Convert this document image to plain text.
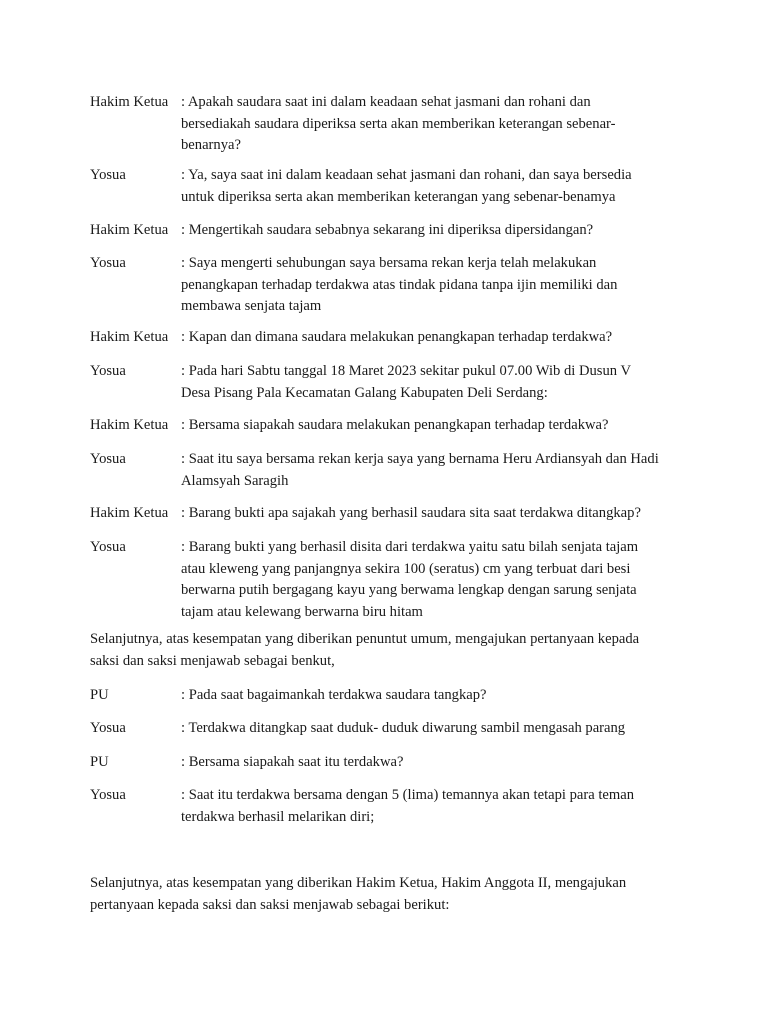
Hakim Ketua : Apakah saudara saat ini dalam keadaan sehat jasmani dan rohani dan
bersediakah saudara diperiksa serta akan memberikan keterangan sebenar-
benarnya?
Yosua	: Ya, saya saat ini dalam keadaan sehat jasmani dan rohani, dan saya bersedia
untuk diperiksa serta akan memberikan keterangan yang sebenar-benamya
Hakim Ketua : Mengertikah saudara sebabnya sekarang ini diperiksa dipersidangan?
Yosua	: Saya mengerti sehubungan saya bersama rekan kerja telah melakukan
penangkapan terhadap terdakwa atas tindak pidana tanpa ijin memiliki dan
membawa senjata tajam
Hakim Ketua : Kapan dan dimana saudara melakukan penangkapan terhadap terdakwa?
Yosua	: Pada hari Sabtu tanggal 18 Maret 2023 sekitar pukul 07.00 Wib di Dusun V
Desa Pisang Pala Kecamatan Galang Kabupaten Deli Serdang:
Hakim Ketua : Bersama siapakah saudara melakukan penangkapan terhadap terdakwa?
Yosua	: Saat itu saya bersama rekan kerja saya yang bernama Heru Ardiansyah dan Hadi
Alamsyah Saragih
Hakim Ketua : Barang bukti apa sajakah yang berhasil saudara sita saat terdakwa ditangkap?
Yosua	: Barang bukti yang berhasil disita dari terdakwa yaitu satu bilah senjata tajam
atau kleweng yang panjangnya sekira 100 (seratus) cm yang terbuat dari besi
berwarna putih bergagang kayu yang berwama lengkap dengan sarung senjata
tajam atau kelewang berwarna biru hitam
Selanjutnya, atas kesempatan yang diberikan penuntut umum, mengajukan pertanyaan kepada
saksi dan saksi menjawab sebagai benkut,
PU	: Pada saat bagaimankah terdakwa saudara tangkap?
Yosua	: Terdakwa ditangkap saat duduk- duduk diwarung sambil mengasah parang
PU	: Bersama siapakah saat itu terdakwa?
Yosua	: Saat itu terdakwa bersama dengan 5 (lima) temannya akan tetapi para teman
terdakwa berhasil melarikan diri;
Selanjutnya, atas kesempatan yang diberikan Hakim Ketua, Hakim Anggota II, mengajukan
pertanyaan kepada saksi dan saksi menjawab sebagai berikut:
